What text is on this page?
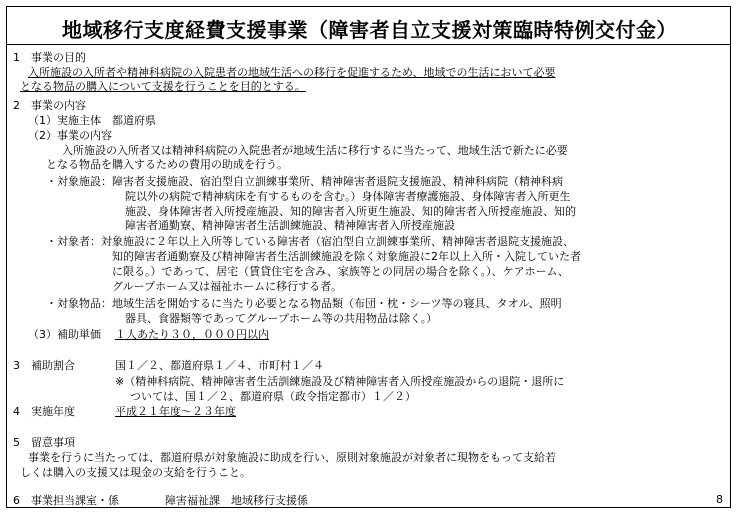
地域移行支度経費支援事業（障害者自立支援対策臨時特例交付金）
1　事業の目的
入所施設の入所者や精神科病院の入院患者の地域生活への移行を促進するため、地域での生活において必要
となる物品の購入について支援を行うことを目的とする。
2　事業の内容
（1）実施主体　都道府県
（2）事業の内容
入所施設の入所者又は精神科病院の入院患者が地域生活に移行するに当たって、地域生活で新たに必要
となる物品を購入するための費用の助成を行う。
・対象施設：障害者支援施設、宿泊型自立訓練事業所、精神障害者退院支援施設、精神科病院（精神科病
院以外の病院で精神病床を有するものを含む。）身体障害者療護施設、身体障害者入所更生
施設、身体障害者入所授産施設、知的障害者入所更生施設、知的障害者入所授産施設、知的
障害者通勤寮、精神障害者生活訓練施設、精神障害者入所授産施設
・対象者：対象施設に２年以上入所等している障害者（宿泊型自立訓練事業所、精神障害者退院支援施設、
知的障害者通勤寮及び精神障害者生活訓練施設を除く対象施設に2年以上入所・入院していた者
に限る。）であって、居宅（賃貸住宅を含み、家族等との同居の場合を除く。）、ケアホーム、
グループホーム又は福祉ホームに移行する者。
・対象物品：地域生活を開始するに当たり必要となる物品類（布団・枕・シーツ等の寝具、タオル、照明
器具、食器類等であってグループホーム等の共用物品は除く。）
（3）補助単価 １人あたり３０，０００円以内
3　補助割合	国１／２、都道府県１／４、市町村１／４
※（精神科病院、精神障害者生活訓練施設及び精神障害者入所授産施設からの退院・退所に
ついては、国１／２、都道府県（政令指定都市）１／２）
4　実施年度	平成２１年度～２３年度
5　留意事項
事業を行うに当たっては、都道府県が対象施設に助成を行い、原則対象施設が対象者に現物をもって支給若
しくは購入の支援又は現金の支給を行うこと。
6　事業担当課室・係	障害福祉課　地域移行支援係	8
